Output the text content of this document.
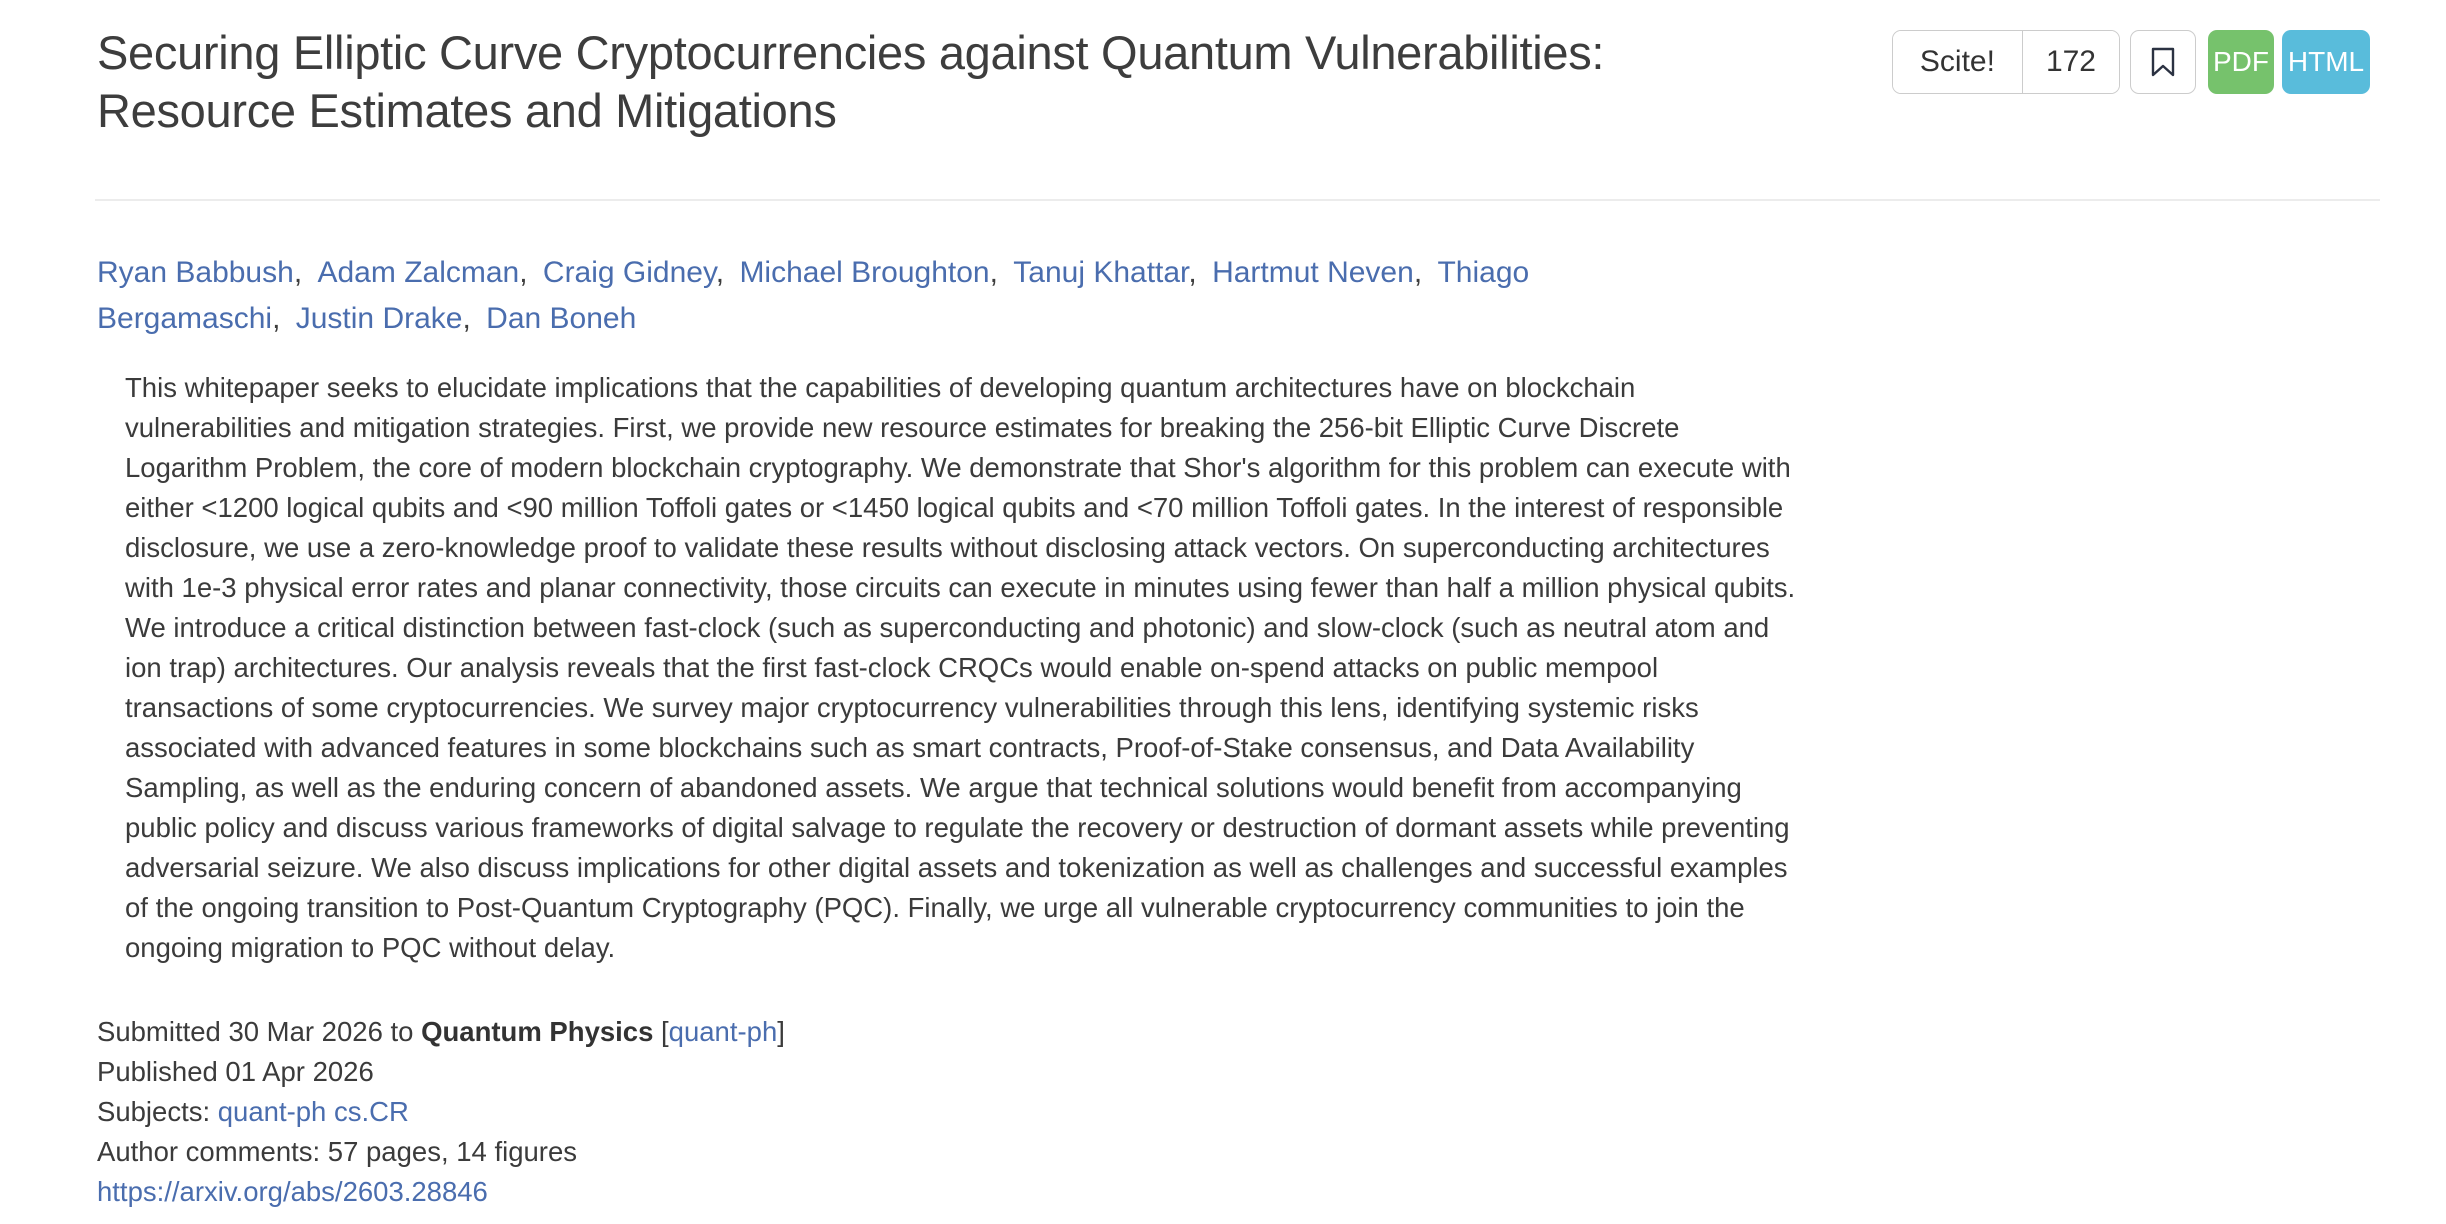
Scite!	172	PDF HTML
Securing Elliptic Curve Cryptocurrencies against Quantum Vulnerabilities: Resource Estimates and Mitigations
Ryan Babbush, Adam Zalcman, Craig Gidney, Michael Broughton, Tanuj Khattar, Hartmut Neven, Thiago Bergamaschi, Justin Drake, Dan Boneh
This whitepaper seeks to elucidate implications that the capabilities of developing quantum architectures have on blockchain vulnerabilities and mitigation strategies. First, we provide new resource estimates for breaking the 256-bit Elliptic Curve Discrete Logarithm Problem, the core of modern blockchain cryptography. We demonstrate that Shor's algorithm for this problem can execute with either <1200 logical qubits and <90 million Toffoli gates or <1450 logical qubits and <70 million Toffoli gates. In the interest of responsible disclosure, we use a zero-knowledge proof to validate these results without disclosing attack vectors. On superconducting architectures with 1e-3 physical error rates and planar connectivity, those circuits can execute in minutes using fewer than half a million physical qubits. We introduce a critical distinction between fast-clock (such as superconducting and photonic) and slow-clock (such as neutral atom and ion trap) architectures. Our analysis reveals that the first fast-clock CRQCs would enable on-spend attacks on public mempool transactions of some cryptocurrencies. We survey major cryptocurrency vulnerabilities through this lens, identifying systemic risks associated with advanced features in some blockchains such as smart contracts, Proof-of-Stake consensus, and Data Availability Sampling, as well as the enduring concern of abandoned assets. We argue that technical solutions would benefit from accompanying public policy and discuss various frameworks of digital salvage to regulate the recovery or destruction of dormant assets while preventing adversarial seizure. We also discuss implications for other digital assets and tokenization as well as challenges and successful examples of the ongoing transition to Post-Quantum Cryptography (PQC). Finally, we urge all vulnerable cryptocurrency communities to join the ongoing migration to PQC without delay.
Submitted 30 Mar 2026 to Quantum Physics [quant-ph]
Published 01 Apr 2026
Subjects: quant-ph cs.CR
Author comments: 57 pages, 14 figures
https://arxiv.org/abs/2603.28846
